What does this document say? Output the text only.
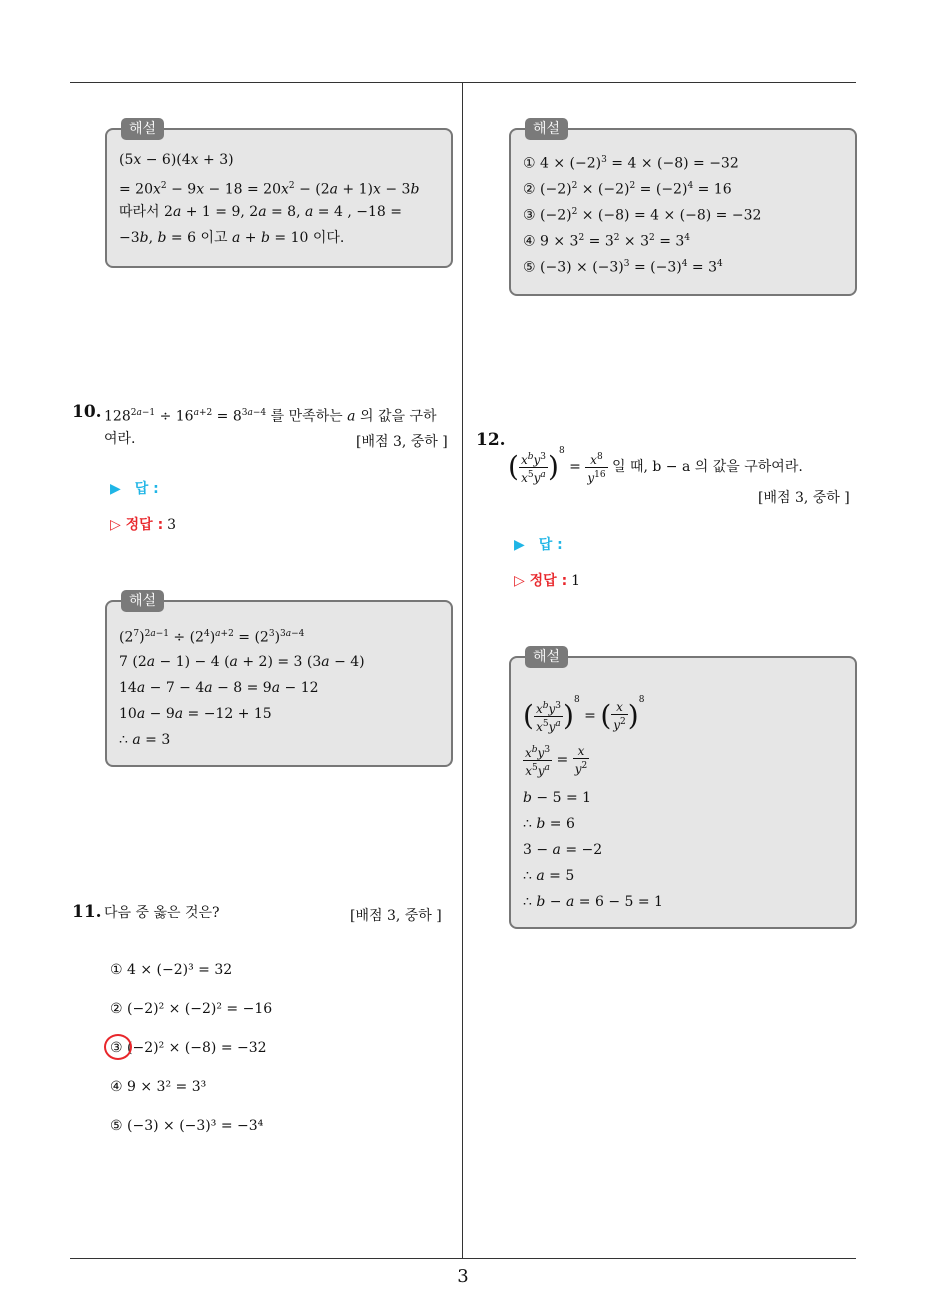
3
해설
(5x − 6)(4x + 3)
= $20x^2 - 9x - 18 = 20x^2 - (2a + 1)x - 3b$
따라서 2a + 1 = 9, 2a = 8, a = 4 , −18 =
−3b, b = 6 이고 a + b = 10 이다.
10. $128^{2a-1} \div 16^{a+2} = 8^{3a-4}$ 를 만족하는 a 의 값을 구하
여라.	[배점 3, 중하 ]
▶ 답 :
▷ 정답 : 3
해설
$(2^7)^{2a-1} \div (2^4)^{a+2} = (2^3)^{3a-4}$
7 (2a − 1) − 4 (a + 2) = 3 (3a − 4)
14a − 7 − 4a − 8 = 9a − 12
10a − 9a = −12 + 15
∴ a = 3
11. 다음 중 옳은 것은?	[배점 3, 중하 ]
① 4 × (−2)³ = 32
② (−2)² × (−2)² = −16
③ (−2)² × (−8) = −32
④ 9 × 3² = 3³
⑤ (−3) × (−3)³ = −3⁴
해설
① $4 \times (-2)^3 = 4 \times (-8) = -32$
② $(-2)^2 \times (-2)^2 = (-2)^4 = 16$
③ $(-2)^2 \times (-8) = 4 \times (-8) = -32$
④ $9 \times 3^2 = 3^2 \times 3^2 = 3^4$
⑤ $(-3) \times (-3)^3 = (-3)^4 = 3^4$
12.
( $\frac{x^by^3}{x^5y^a} )^8 = \frac{x^8}{y^{16}}$ 일 때, b − a 의 값을 구하여라.
[배점 3, 중하 ]
▶ 답 :
▷ 정답 : 1
해설
( $\frac{x^by^3}{x^5y^a} )^8$ = ( $\frac{x}{y^2} )^8$
$\frac{x^by^3}{x^5y^a} = \frac{x}{y^2}$
b − 5 = 1
∴ b = 6
3 − a = −2
∴ a = 5
∴ b − a = 6 − 5 = 1
